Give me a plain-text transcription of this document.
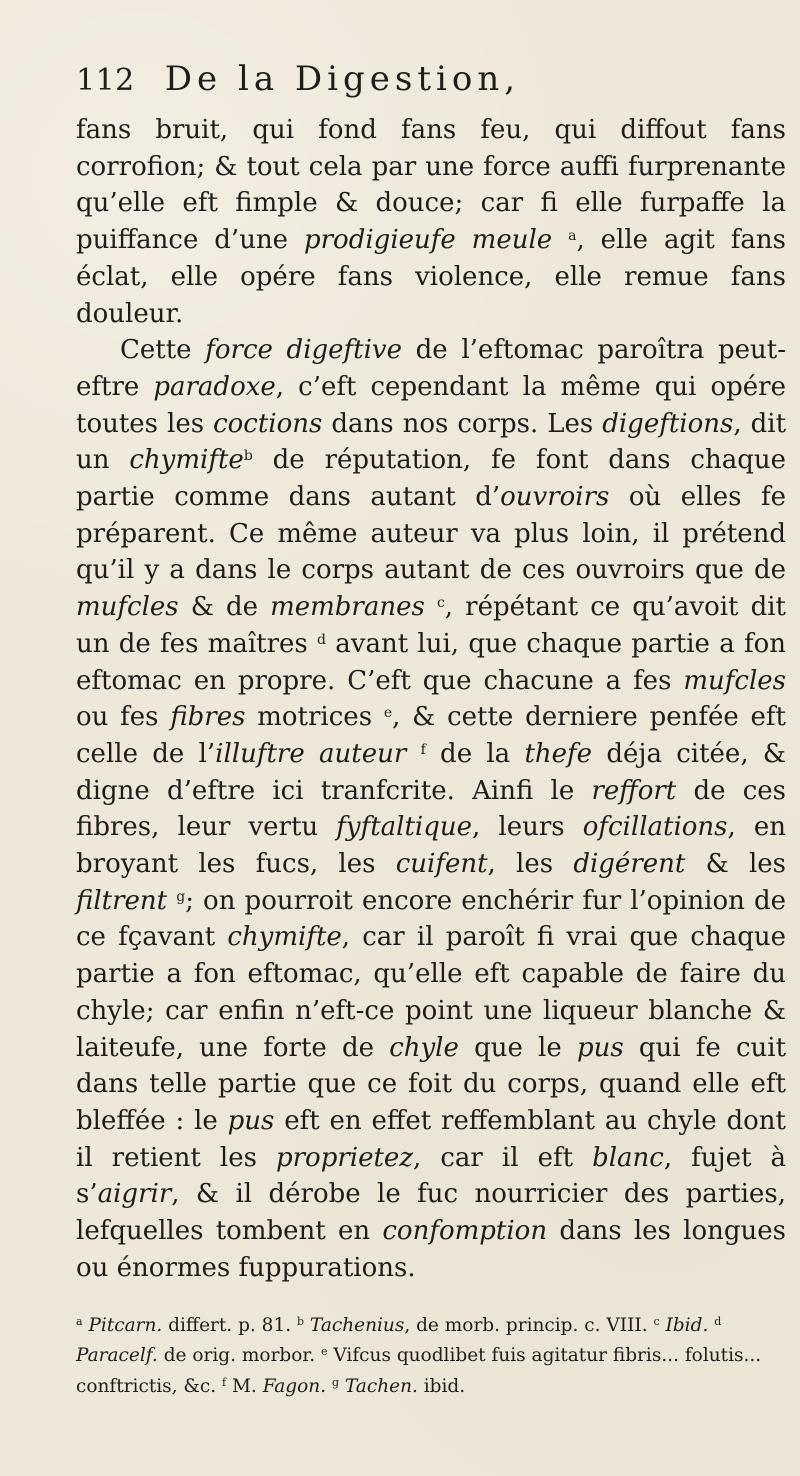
112 De la Digestion,

fans bruit, qui fond fans feu, qui diffout fans corrofion; & tout cela par une force auffi furprenante qu’elle eft fimple & douce; car fi elle furpaffe la puiffance d’une prodigieufe meule $^a$, elle agit fans éclat, elle opére fans violence, elle remue fans douleur.

Cette force digeftive de l’eftomac paroîtra peut-eftre paradoxe, c’eft cependant la même qui opére toutes les coctions dans nos corps. Les digeftions, dit un chymifte$^b$ de réputation, fe font dans chaque partie comme dans autant d’ouvroirs où elles fe préparent. Ce même auteur va plus loin, il prétend qu’il y a dans le corps autant de ces ouvroirs que de mufcles & de membranes $^c$, répétant ce qu’avoit dit un de fes maîtres $^d$ avant lui, que chaque partie a fon eftomac en propre. C’eft que chacune a fes mufcles ou fes fibres motrices $^e$, & cette derniere penfée eft celle de l’illuftre auteur $^f$ de la thefe déja citée, & digne d’eftre ici tranfcrite. Ainfi le reffort de ces fibres, leur vertu fyftaltique, leurs ofcillations, en broyant les fucs, les cuifent, les digérent & les filtrent $^g$; on pourroit encore enchérir fur l’opinion de ce fçavant chymifte, car il paroît fi vrai que chaque partie a fon eftomac, qu’elle eft capable de faire du chyle; car enfin n’eft-ce point une liqueur blanche & laiteufe, une forte de chyle que le pus qui fe cuit dans telle partie que ce foit du corps, quand elle eft bleffée : le pus eft en effet reffemblant au chyle dont il retient les proprietez, car il eft blanc, fujet à s’aigrir, & il dérobe le fuc nourricier des parties, lefquelles tombent en confomption dans les longues ou énormes fuppurations.

$^a$ Pitcarn. differt. p. 81. $^b$ Tachenius, de morb. princip. c. VIII. $^c$ Ibid. $^d$ Paracelf. de orig. morbor. $^e$ Vifcus quodlibet fuis agitatur fibris... folutis... conftrictis, &c. $^f$ M. Fagon. $^g$ Tachen. ibid.
